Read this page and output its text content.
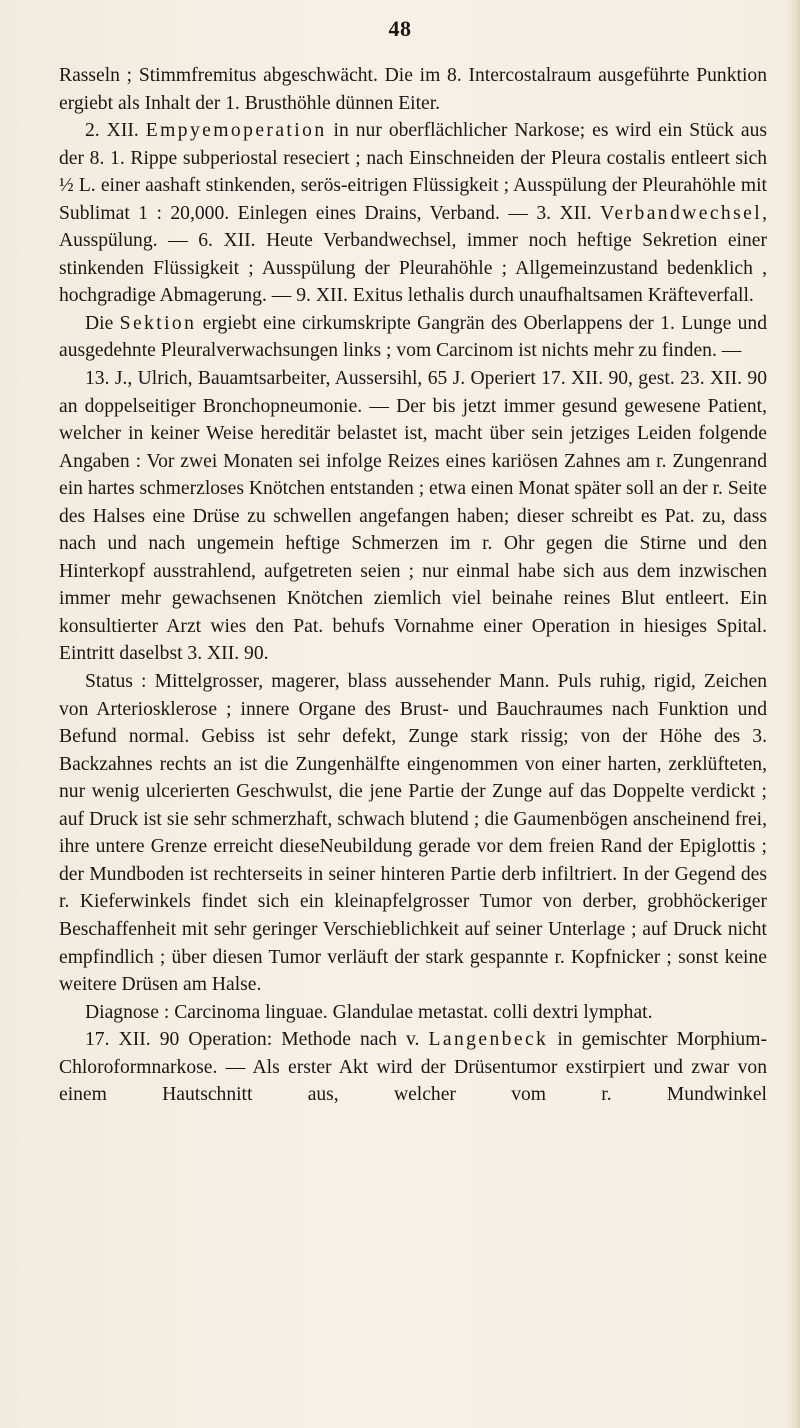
48

Rasseln ; Stimmfremitus abgeschwächt. Die im 8. Intercostalraum ausgeführte Punktion ergiebt als Inhalt der 1. Brusthöhle dünnen Eiter.

2. XII. Empyemoperation in nur oberflächlicher Narkose; es wird ein Stück aus der 8. 1. Rippe subperiostal reseciert ; nach Einschneiden der Pleura costalis entleert sich ½ L. einer aashaft stinkenden, serös-eitrigen Flüssigkeit ; Ausspülung der Pleurahöhle mit Sublimat 1 : 20,000. Einlegen eines Drains, Verband. — 3. XII. Verbandwechsel, Ausspülung. — 6. XII. Heute Verbandwechsel, immer noch heftige Sekretion einer stinkenden Flüssigkeit ; Ausspülung der Pleurahöhle ; Allgemeinzustand bedenklich , hochgradige Abmagerung. — 9. XII. Exitus lethalis durch unaufhaltsamen Kräfteverfall.

Die Sektion ergiebt eine cirkumskripte Gangrän des Oberlappens der 1. Lunge und ausgedehnte Pleuralverwachsungen links ; vom Carcinom ist nichts mehr zu finden. —

13. J., Ulrich, Bauamtsarbeiter, Aussersihl, 65 J. Operiert 17. XII. 90, gest. 23. XII. 90 an doppelseitiger Bronchopneumonie. — Der bis jetzt immer gesund gewesene Patient, welcher in keiner Weise hereditär belastet ist, macht über sein jetziges Leiden folgende Angaben : Vor zwei Monaten sei infolge Reizes eines kariösen Zahnes am r. Zungenrand ein hartes schmerzloses Knötchen entstanden ; etwa einen Monat später soll an der r. Seite des Halses eine Drüse zu schwellen angefangen haben; dieser schreibt es Pat. zu, dass nach und nach ungemein heftige Schmerzen im r. Ohr gegen die Stirne und den Hinterkopf ausstrahlend, aufgetreten seien ; nur einmal habe sich aus dem inzwischen immer mehr gewachsenen Knötchen ziemlich viel beinahe reines Blut entleert. Ein konsultierter Arzt wies den Pat. behufs Vornahme einer Operation in hiesiges Spital. Eintritt daselbst 3. XII. 90.

Status : Mittelgrosser, magerer, blass aussehender Mann. Puls ruhig, rigid, Zeichen von Arteriosklerose ; innere Organe des Brust- und Bauchraumes nach Funktion und Befund normal. Gebiss ist sehr defekt, Zunge stark rissig; von der Höhe des 3. Backzahnes rechts an ist die Zungenhälfte eingenommen von einer harten, zerklüfteten, nur wenig ulcerierten Geschwulst, die jene Partie der Zunge auf das Doppelte verdickt ; auf Druck ist sie sehr schmerzhaft, schwach blutend ; die Gaumenbögen anscheinend frei, ihre untere Grenze erreicht dieseNeubildung gerade vor dem freien Rand der Epiglottis ; der Mundboden ist rechterseits in seiner hinteren Partie derb infiltriert. In der Gegend des r. Kieferwinkels findet sich ein kleinapfelgrosser Tumor von derber, grobhöckeriger Beschaffenheit mit sehr geringer Verschieblichkeit auf seiner Unterlage ; auf Druck nicht empfindlich ; über diesen Tumor verläuft der stark gespannte r. Kopfnicker ; sonst keine weitere Drüsen am Halse.

Diagnose : Carcinoma linguae. Glandulae metastat. colli dextri lymphat.

17. XII. 90 Operation: Methode nach v. Langenbeck in gemischter Morphium-Chloroformnarkose. — Als erster Akt wird der Drüsentumor exstirpiert und zwar von einem Hautschnitt aus, welcher vom r. Mundwinkel
